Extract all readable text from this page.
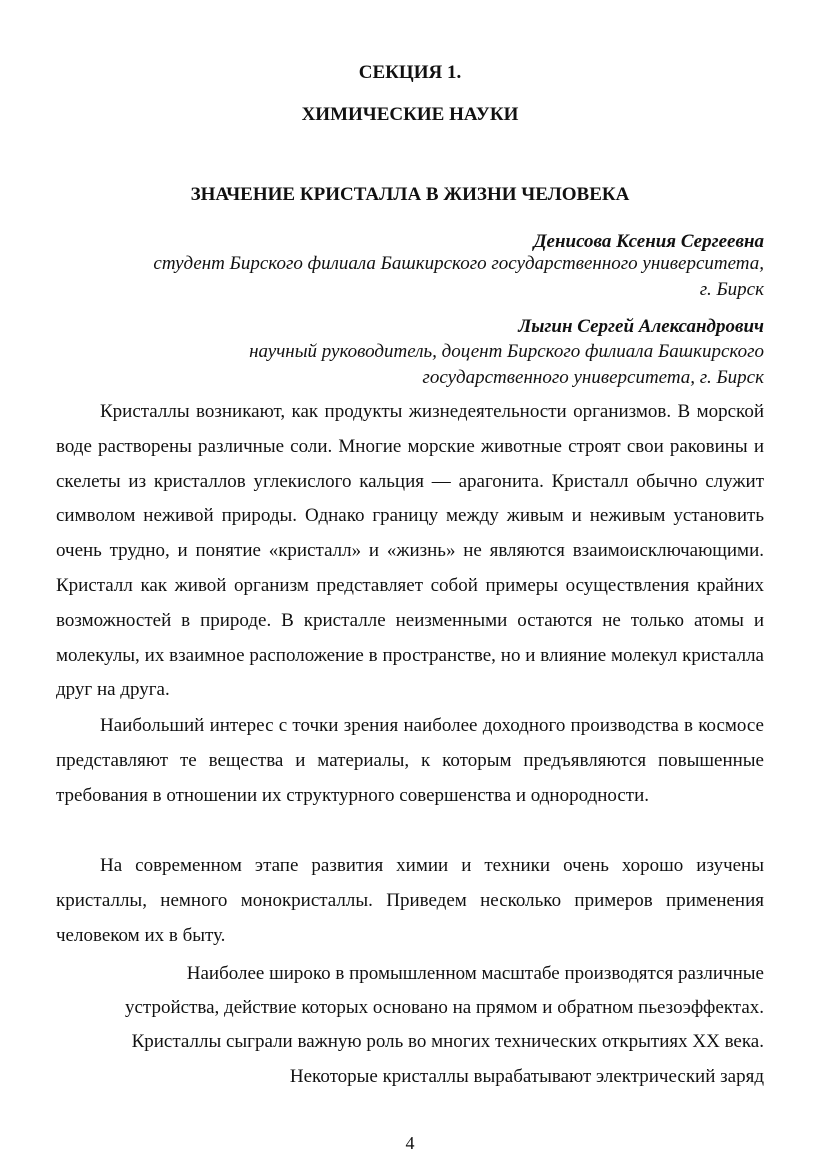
СЕКЦИЯ 1.
ХИМИЧЕСКИЕ НАУКИ
ЗНАЧЕНИЕ КРИСТАЛЛА В ЖИЗНИ ЧЕЛОВЕКА
Денисова Ксения Сергеевна
студент Бирского филиала Башкирского государственного университета,
г. Бирск
Лыгин Сергей Александрович
научный руководитель, доцент Бирского филиала Башкирского
государственного университета, г. Бирск
Кристаллы возникают, как продукты жизнедеятельности организмов. В морской воде растворены различные соли. Многие морские животные строят свои раковины и скелеты из кристаллов углекислого кальция — арагонита. Кристалл обычно служит символом неживой природы. Однако границу между живым и неживым установить очень трудно, и понятие «кристалл» и «жизнь» не являются взаимоисключающими. Кристалл как живой организм представляет собой примеры осуществления крайних возможностей в природе. В кристалле неизменными остаются не только атомы и молекулы, их взаимное расположение в пространстве, но и влияние молекул кристалла друг на друга.
Наибольший интерес с точки зрения наиболее доходного производства в космосе представляют те вещества и материалы, к которым предъявляются повышенные требования в отношении их структурного совершенства и однородности.
На современном этапе развития химии и техники очень хорошо изучены кристаллы, немного монокристаллы. Приведем несколько примеров применения человеком их в быту.
Наиболее широко в промышленном масштабе производятся различные
устройства, действие которых основано на прямом и обратном пьезоэффектах.
Кристаллы сыграли важную роль во многих технических открытиях XX века.
Некоторые кристаллы вырабатывают электрический заряд
4
